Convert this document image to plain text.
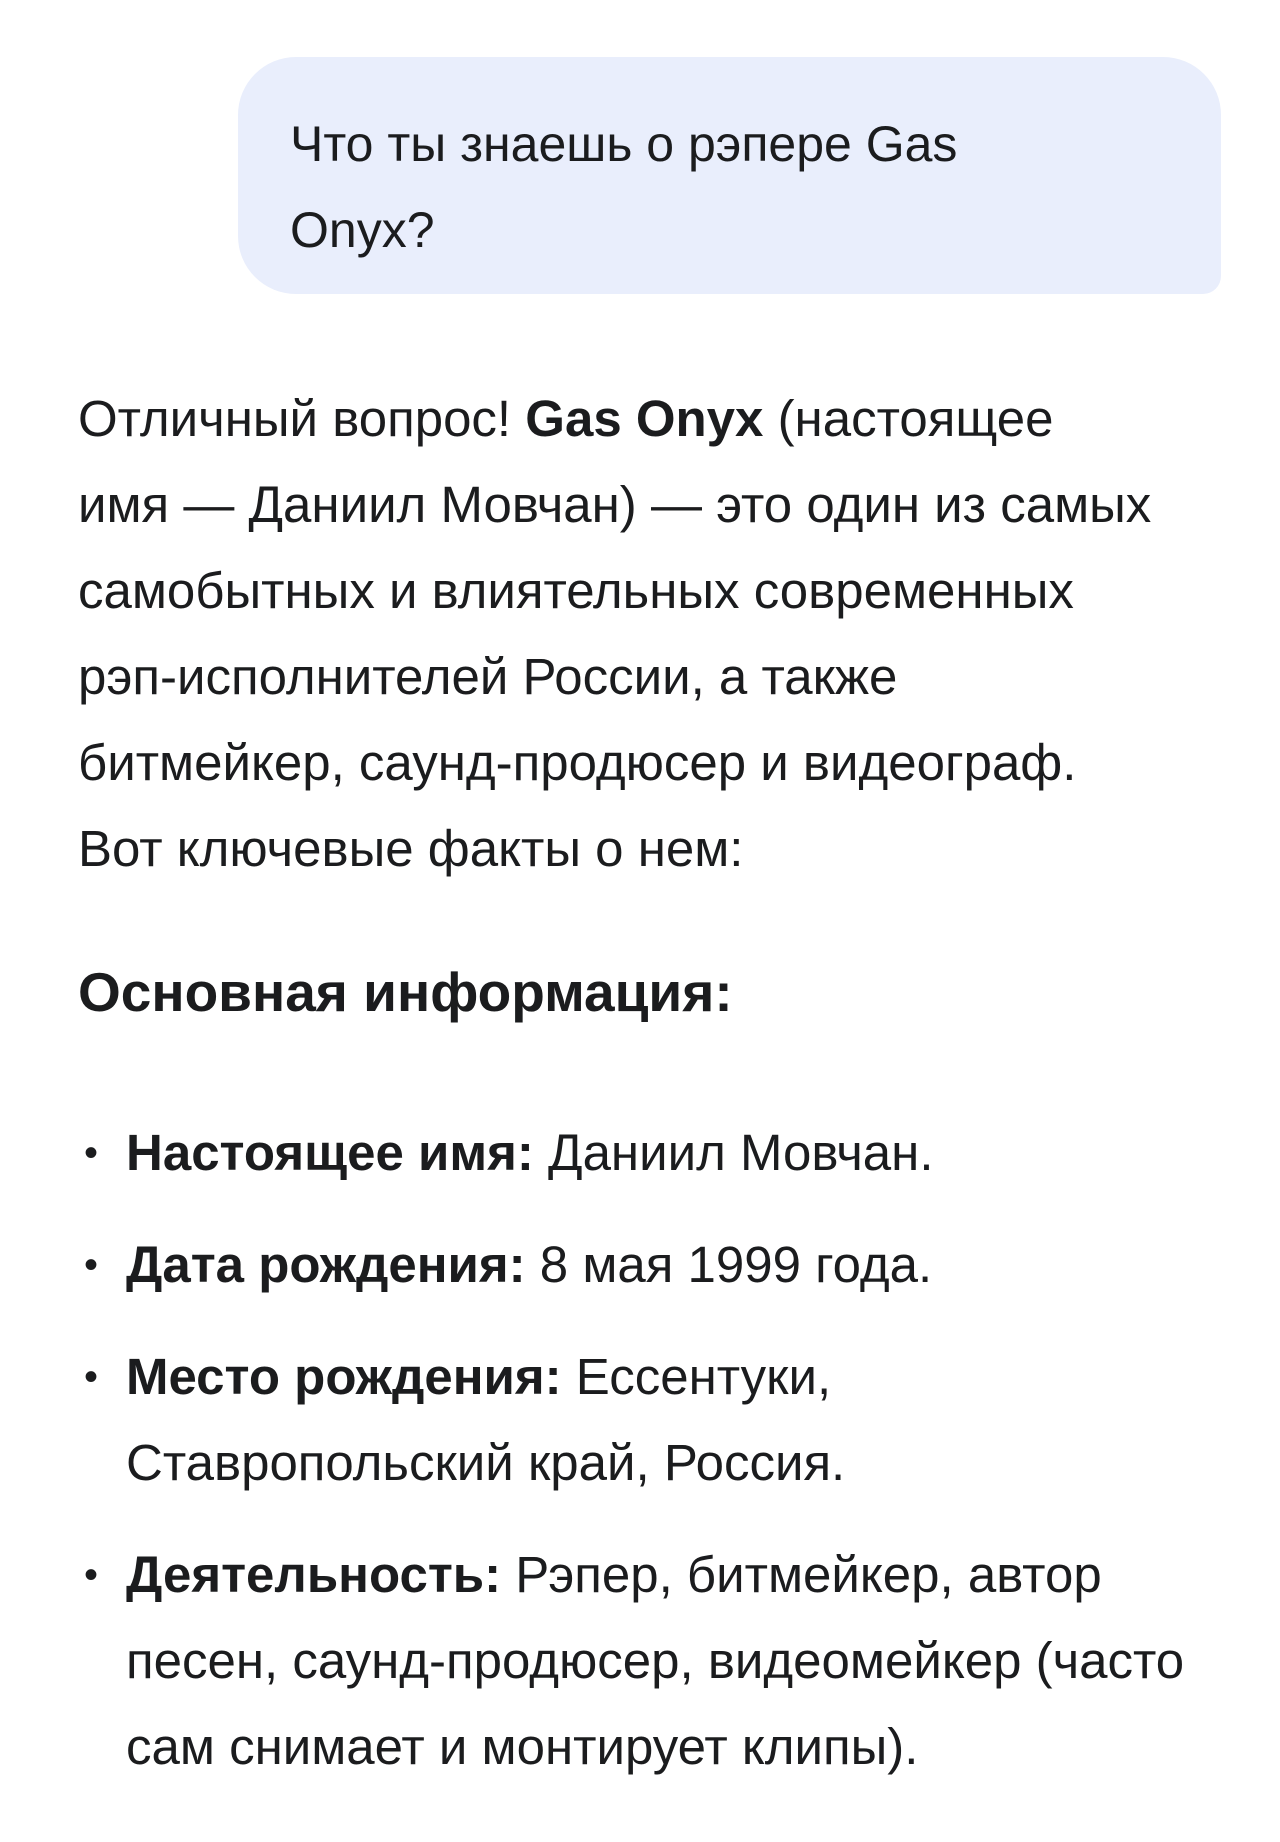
Что ты знаешь о рэпере Gas Onyx?

Отличный вопрос! Gas Onyx (настоящее имя — Даниил Мовчан) — это один из самых самобытных и влиятельных современных рэп-исполнителей России, а также битмейкер, саунд-продюсер и видеограф. Вот ключевые факты о нем:

Основная информация:
• Настоящее имя: Даниил Мовчан.
• Дата рождения: 8 мая 1999 года.
• Место рождения: Ессентуки, Ставропольский край, Россия.
• Деятельность: Рэпер, битмейкер, автор песен, саунд-продюсер, видеомейкер (часто сам снимает и монтирует клипы).
